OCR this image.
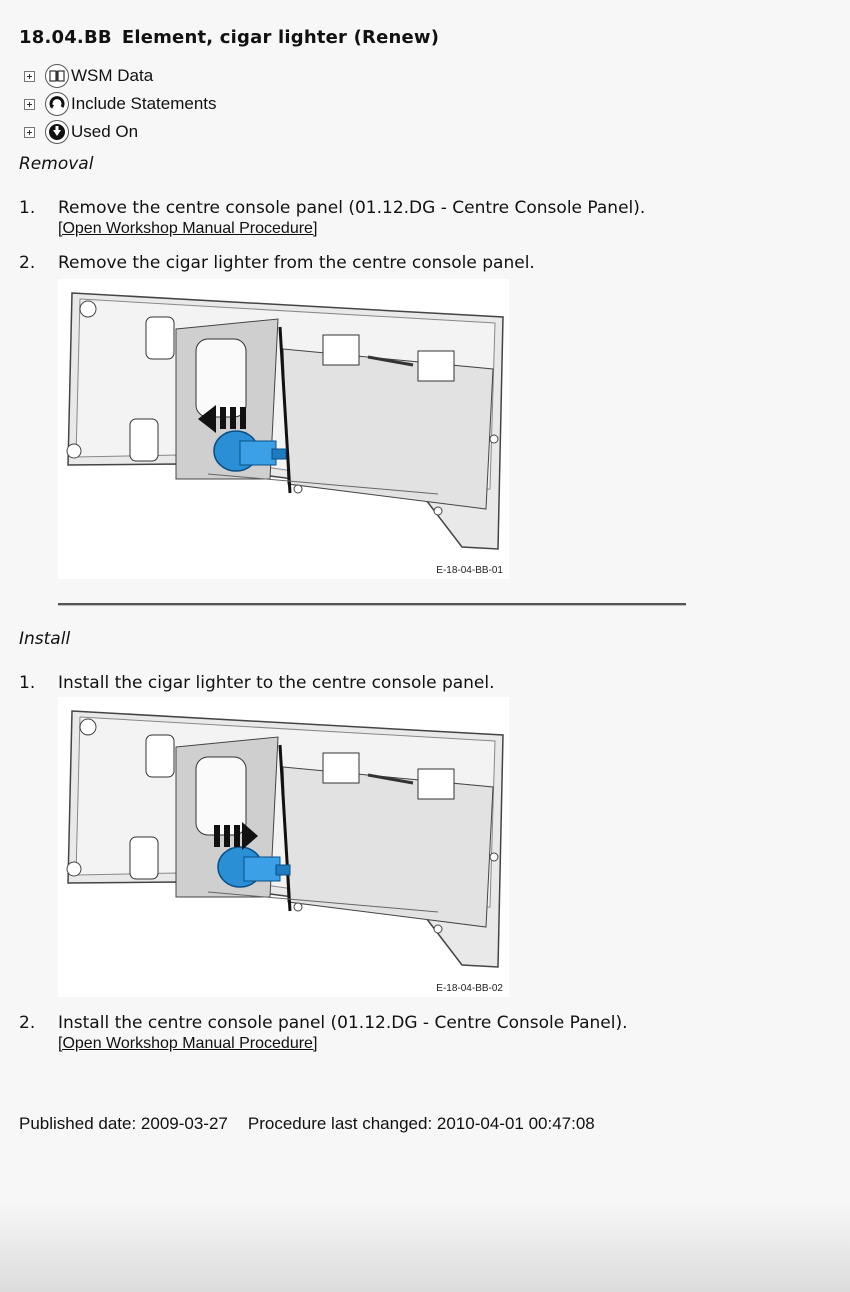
18.04.BB Element, cigar lighter (Renew)
WSM Data
Include Statements
Used On
Removal
1. Remove the centre console panel (01.12.DG - Centre Console Panel).
[Open Workshop Manual Procedure]
2. Remove the cigar lighter from the centre console panel.
E-18-04-BB-01
Install
1. Install the cigar lighter to the centre console panel.
E-18-04-BB-02
2. Install the centre console panel (01.12.DG - Centre Console Panel).
[Open Workshop Manual Procedure]
Published date: 2009-03-27 Procedure last changed: 2010-04-01 00:47:08
